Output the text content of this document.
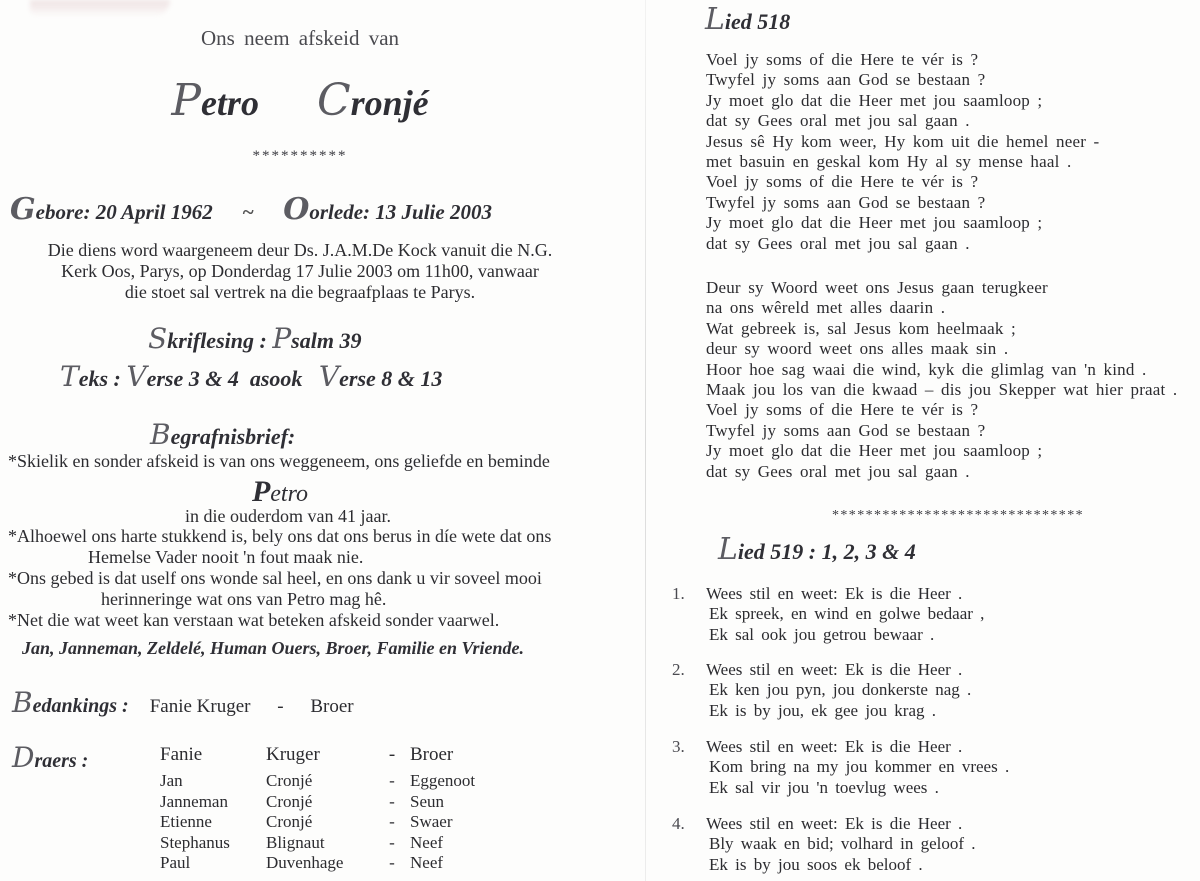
Ons neem afskeid van
Petro Cronjé
**********
Gebore: 20 April 1962 ~ Oorlede: 13 Julie 2003
Die diens word waargeneem deur Ds. J.A.M.De Kock vanuit die N.G.
Kerk Oos, Parys, op Donderdag 17 Julie 2003 om 11h00, vanwaar
die stoet sal vertrek na die begraafplaas te Parys.
Skriflesing : Psalm 39
Teks : Verse 3 & 4 asook Verse 8 & 13
Begrafnisbrief:
*Skielik en sonder afskeid is van ons weggeneem, ons geliefde en beminde
Petro
in die ouderdom van 41 jaar.
*Alhoewel ons harte stukkend is, bely ons dat ons berus in díe wete dat ons
Hemelse Vader nooit 'n fout maak nie.
*Ons gebed is dat uself ons wonde sal heel, en ons dank u vir soveel mooi
herinneringe wat ons van Petro mag hê.
*Net die wat weet kan verstaan wat beteken afskeid sonder vaarwel.
Jan, Janneman, Zeldelé, Human Ouers, Broer, Familie en Vriende.
Bedankings : Fanie Kruger - Broer
Draers :	Fanie	Kruger	- Broer
Jan	Cronjé	- Eggenoot
Janneman	Cronjé	- Seun
Etienne	Cronjé	- Swaer
Stephanus	Blignaut	- Neef
Paul	Duvenhage	- Neef
Lied 518
Voel jy soms of die Here te vér is ?
Twyfel jy soms aan God se bestaan ?
Jy moet glo dat die Heer met jou saamloop ;
dat sy Gees oral met jou sal gaan .
Jesus sê Hy kom weer, Hy kom uit die hemel neer -
met basuin en geskal kom Hy al sy mense haal .
Voel jy soms of die Here te vér is ?
Twyfel jy soms aan God se bestaan ?
Jy moet glo dat die Heer met jou saamloop ;
dat sy Gees oral met jou sal gaan .
Deur sy Woord weet ons Jesus gaan terugkeer
na ons wêreld met alles daarin .
Wat gebreek is, sal Jesus kom heelmaak ;
deur sy woord weet ons alles maak sin .
Hoor hoe sag waai die wind, kyk die glimlag van 'n kind .
Maak jou los van die kwaad – dis jou Skepper wat hier praat .
Voel jy soms of die Here te vér is ?
Twyfel jy soms aan God se bestaan ?
Jy moet glo dat die Heer met jou saamloop ;
dat sy Gees oral met jou sal gaan .
******************************
Lied 519 : 1, 2, 3 & 4
1.	Wees stil en weet: Ek is die Heer .
Ek spreek, en wind en golwe bedaar ,
Ek sal ook jou getrou bewaar .
2.	Wees stil en weet: Ek is die Heer .
Ek ken jou pyn, jou donkerste nag .
Ek is by jou, ek gee jou krag .
3.	Wees stil en weet: Ek is die Heer .
Kom bring na my jou kommer en vrees .
Ek sal vir jou 'n toevlug wees .
4.	Wees stil en weet: Ek is die Heer .
Bly waak en bid; volhard in geloof .
Ek is by jou soos ek beloof .
